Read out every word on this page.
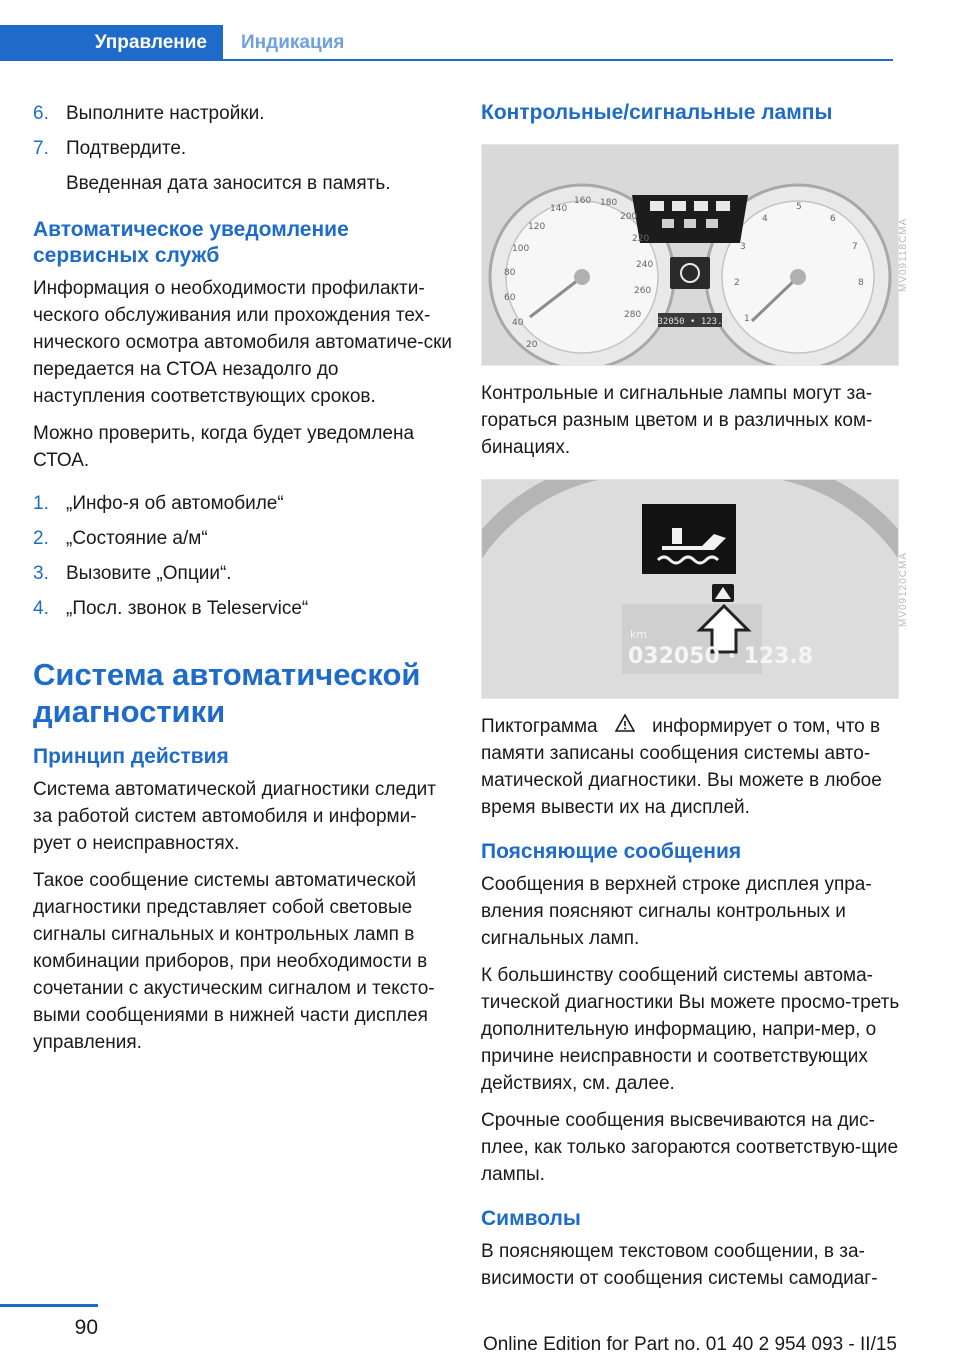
Управление	Индикация
6. Выполните настройки.
7. Подтвердите.
Введенная дата заносится в память.
Автоматическое уведомление сервисных служб

Информация о необходимости профилакти-ческого обслуживания или прохождения тех-нического осмотра автомобиля автоматиче-ски передается на СТОА незадолго до наступления соответствующих сроков.

Можно проверить, когда будет уведомлена СТОА.

1. „Инфо-я об автомобиле“
2. „Состояние а/м“
3. Вызовите „Опции“.
4. „Посл. звонок в Teleservice“
Система автоматической диагностики
Принцип действия

Система автоматической диагностики следит за работой систем автомобиля и информи-рует о неисправностях.

Такое сообщение системы автоматической диагностики представляет собой световые сигналы сигнальных и контрольных ламп в комбинации приборов, при необходимости в сочетании с акустическим сигналом и тексто-выми сообщениями в нижней части дисплея управления.

Контрольные/сигнальные лампы
20
40
60
80
100
120
140
160 180
200
220
240
260
280	1
2
3
4
5
6
7
8
032050 • 123.8
MV09118CMA

Контрольные и сигнальные лампы могут за-гораться разным цветом и в различных ком-бинациях.

km
032050 · 123.8
MV09120CMA

Пиктограмма	информирует о том, что в памяти записаны сообщения системы авто-матической диагностики. Вы можете в любое время вывести их на дисплей.

Поясняющие сообщения

Сообщения в верхней строке дисплея упра-вления поясняют сигналы контрольных и сигнальных ламп.

К большинству сообщений системы автома-тической диагностики Вы можете просмо-треть дополнительную информацию, напри-мер, о причине неисправности и соответствующих действиях, см. далее.

Срочные сообщения высвечиваются на дис-плее, как только загораются соответствую-щие лампы.

Символы

В поясняющем текстовом сообщении, в за-висимости от сообщения системы самодиаг-

90
Online Edition for Part no. 01 40 2 954 093 - II/15
